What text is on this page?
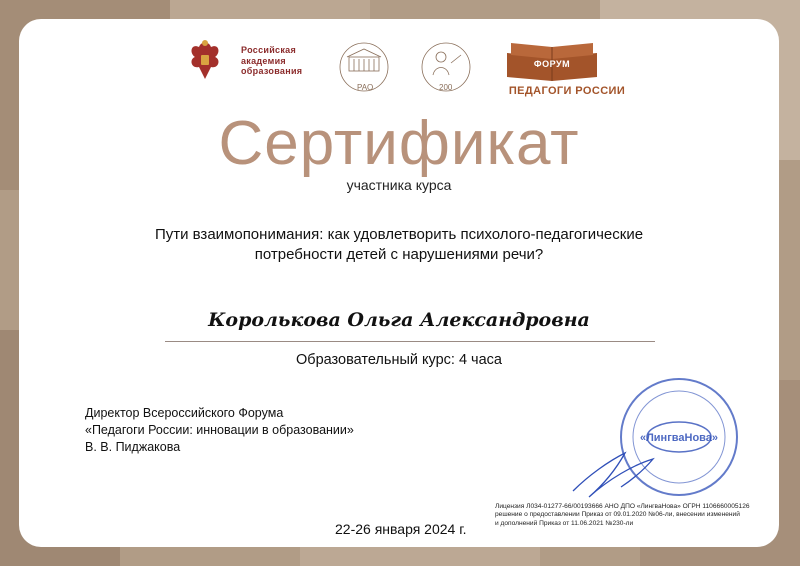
Российская
академия
образования
РАО	200
ФОРУМ
ПЕДАГОГИ РОССИИ
Сертификат
участника курса
Пути взаимопонимания: как удовлетворить психолого-педагогические
потребности детей с нарушениями речи?
Королькова Ольга Александровна
Образовательный курс: 4 часа
Директор Всероссийского Форума
«Педагоги России: инновации в образовании»
В. В. Пиджакова
«ЛингваНова»
22-26 января 2024 г.
Лицензия Л034-01277-66/00193666 АНО ДПО «ЛингваНова» ОГРН 1106660005126
решение о предоставлении Приказ от 09.01.2020 №06-ли, внесении изменений
и дополнений Приказ от 11.06.2021 №230-ли
